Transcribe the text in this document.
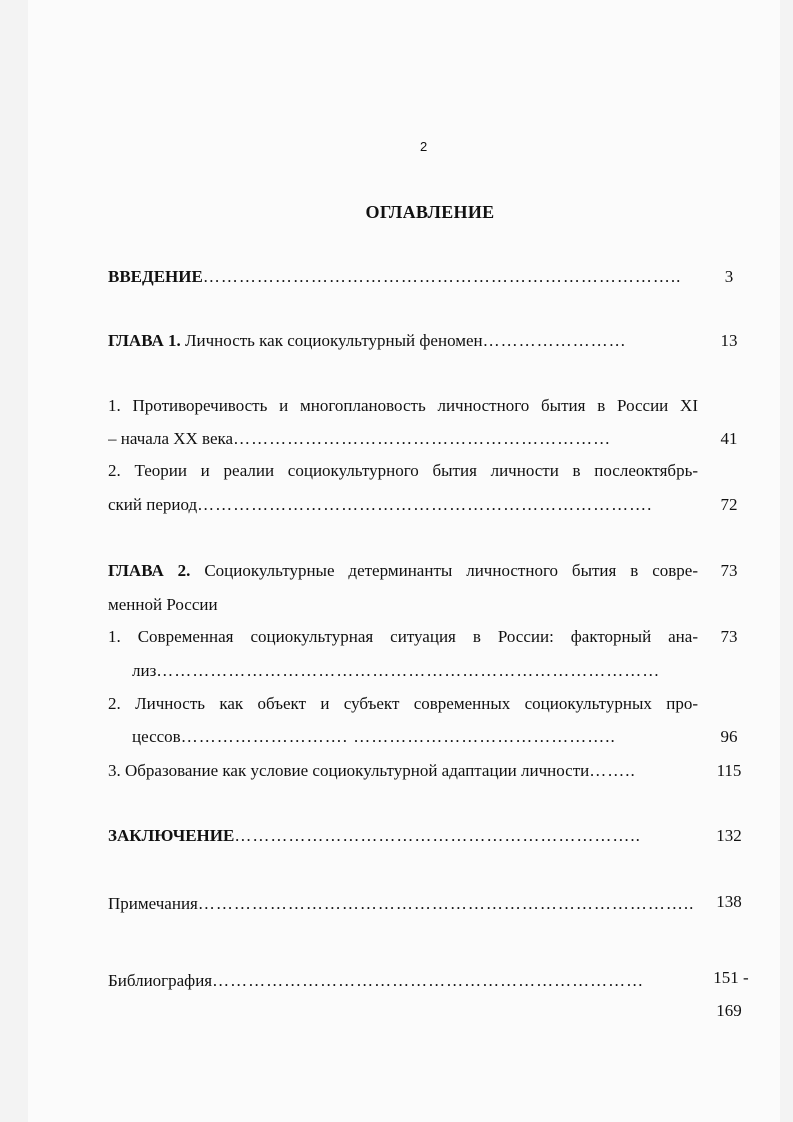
2
ОГЛАВЛЕНИЕ
ВВЕДЕНИЕ……………………………………………………………………..	3
ГЛАВА 1. Личность как социокультурный феномен……………………	13
1. Противоречивость и многоплановость личностного бытия в России XI
– начала XX века………………………………………………………	41
2. Теории и реалии социокультурного бытия личности в послеоктябрь-
ский период………………………………………………………………….	72
ГЛАВА 2. Социокультурные детерминанты личностного бытия в совре-	73
менной России
1. Современная социокультурная ситуация в России: факторный ана-	73
лиз…………………………………………………………………………
2. Личность как объект и субъект современных социокультурных про-
цессов………………………. ……………………………………..	96
3. Образование как условие социокультурной адаптации личности……..	115
ЗАКЛЮЧЕНИЕ…………………………………………………………..	132
Примечания………………………………………………………………………..	138
Библиография………………………………………………………………	151 -
169
